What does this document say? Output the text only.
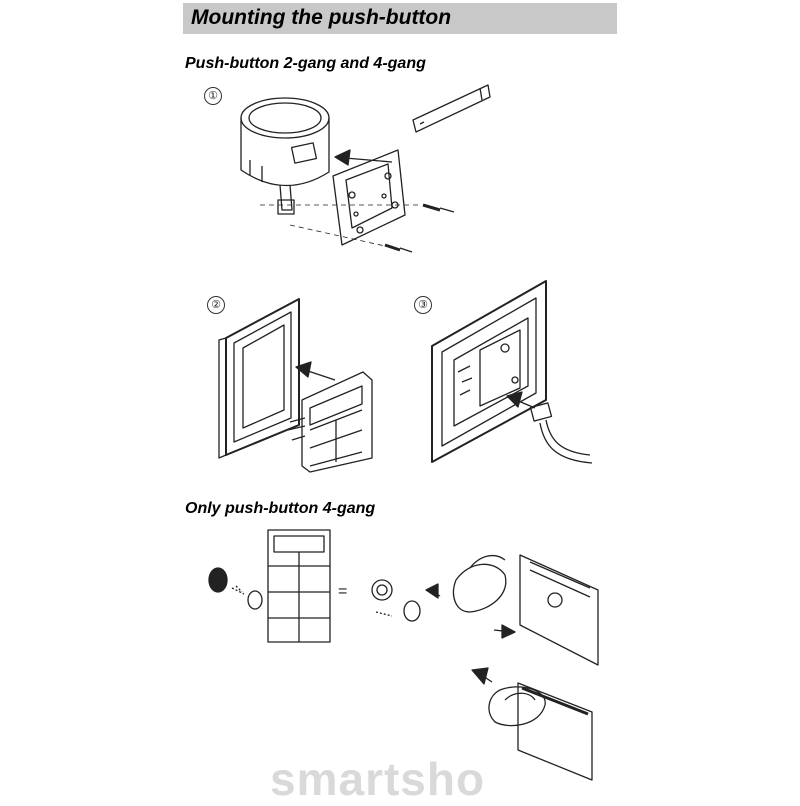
Mounting the push-button
Push-button 2-gang and 4-gang
Only push-button 4-gang
①
②	③
=
smartsho
